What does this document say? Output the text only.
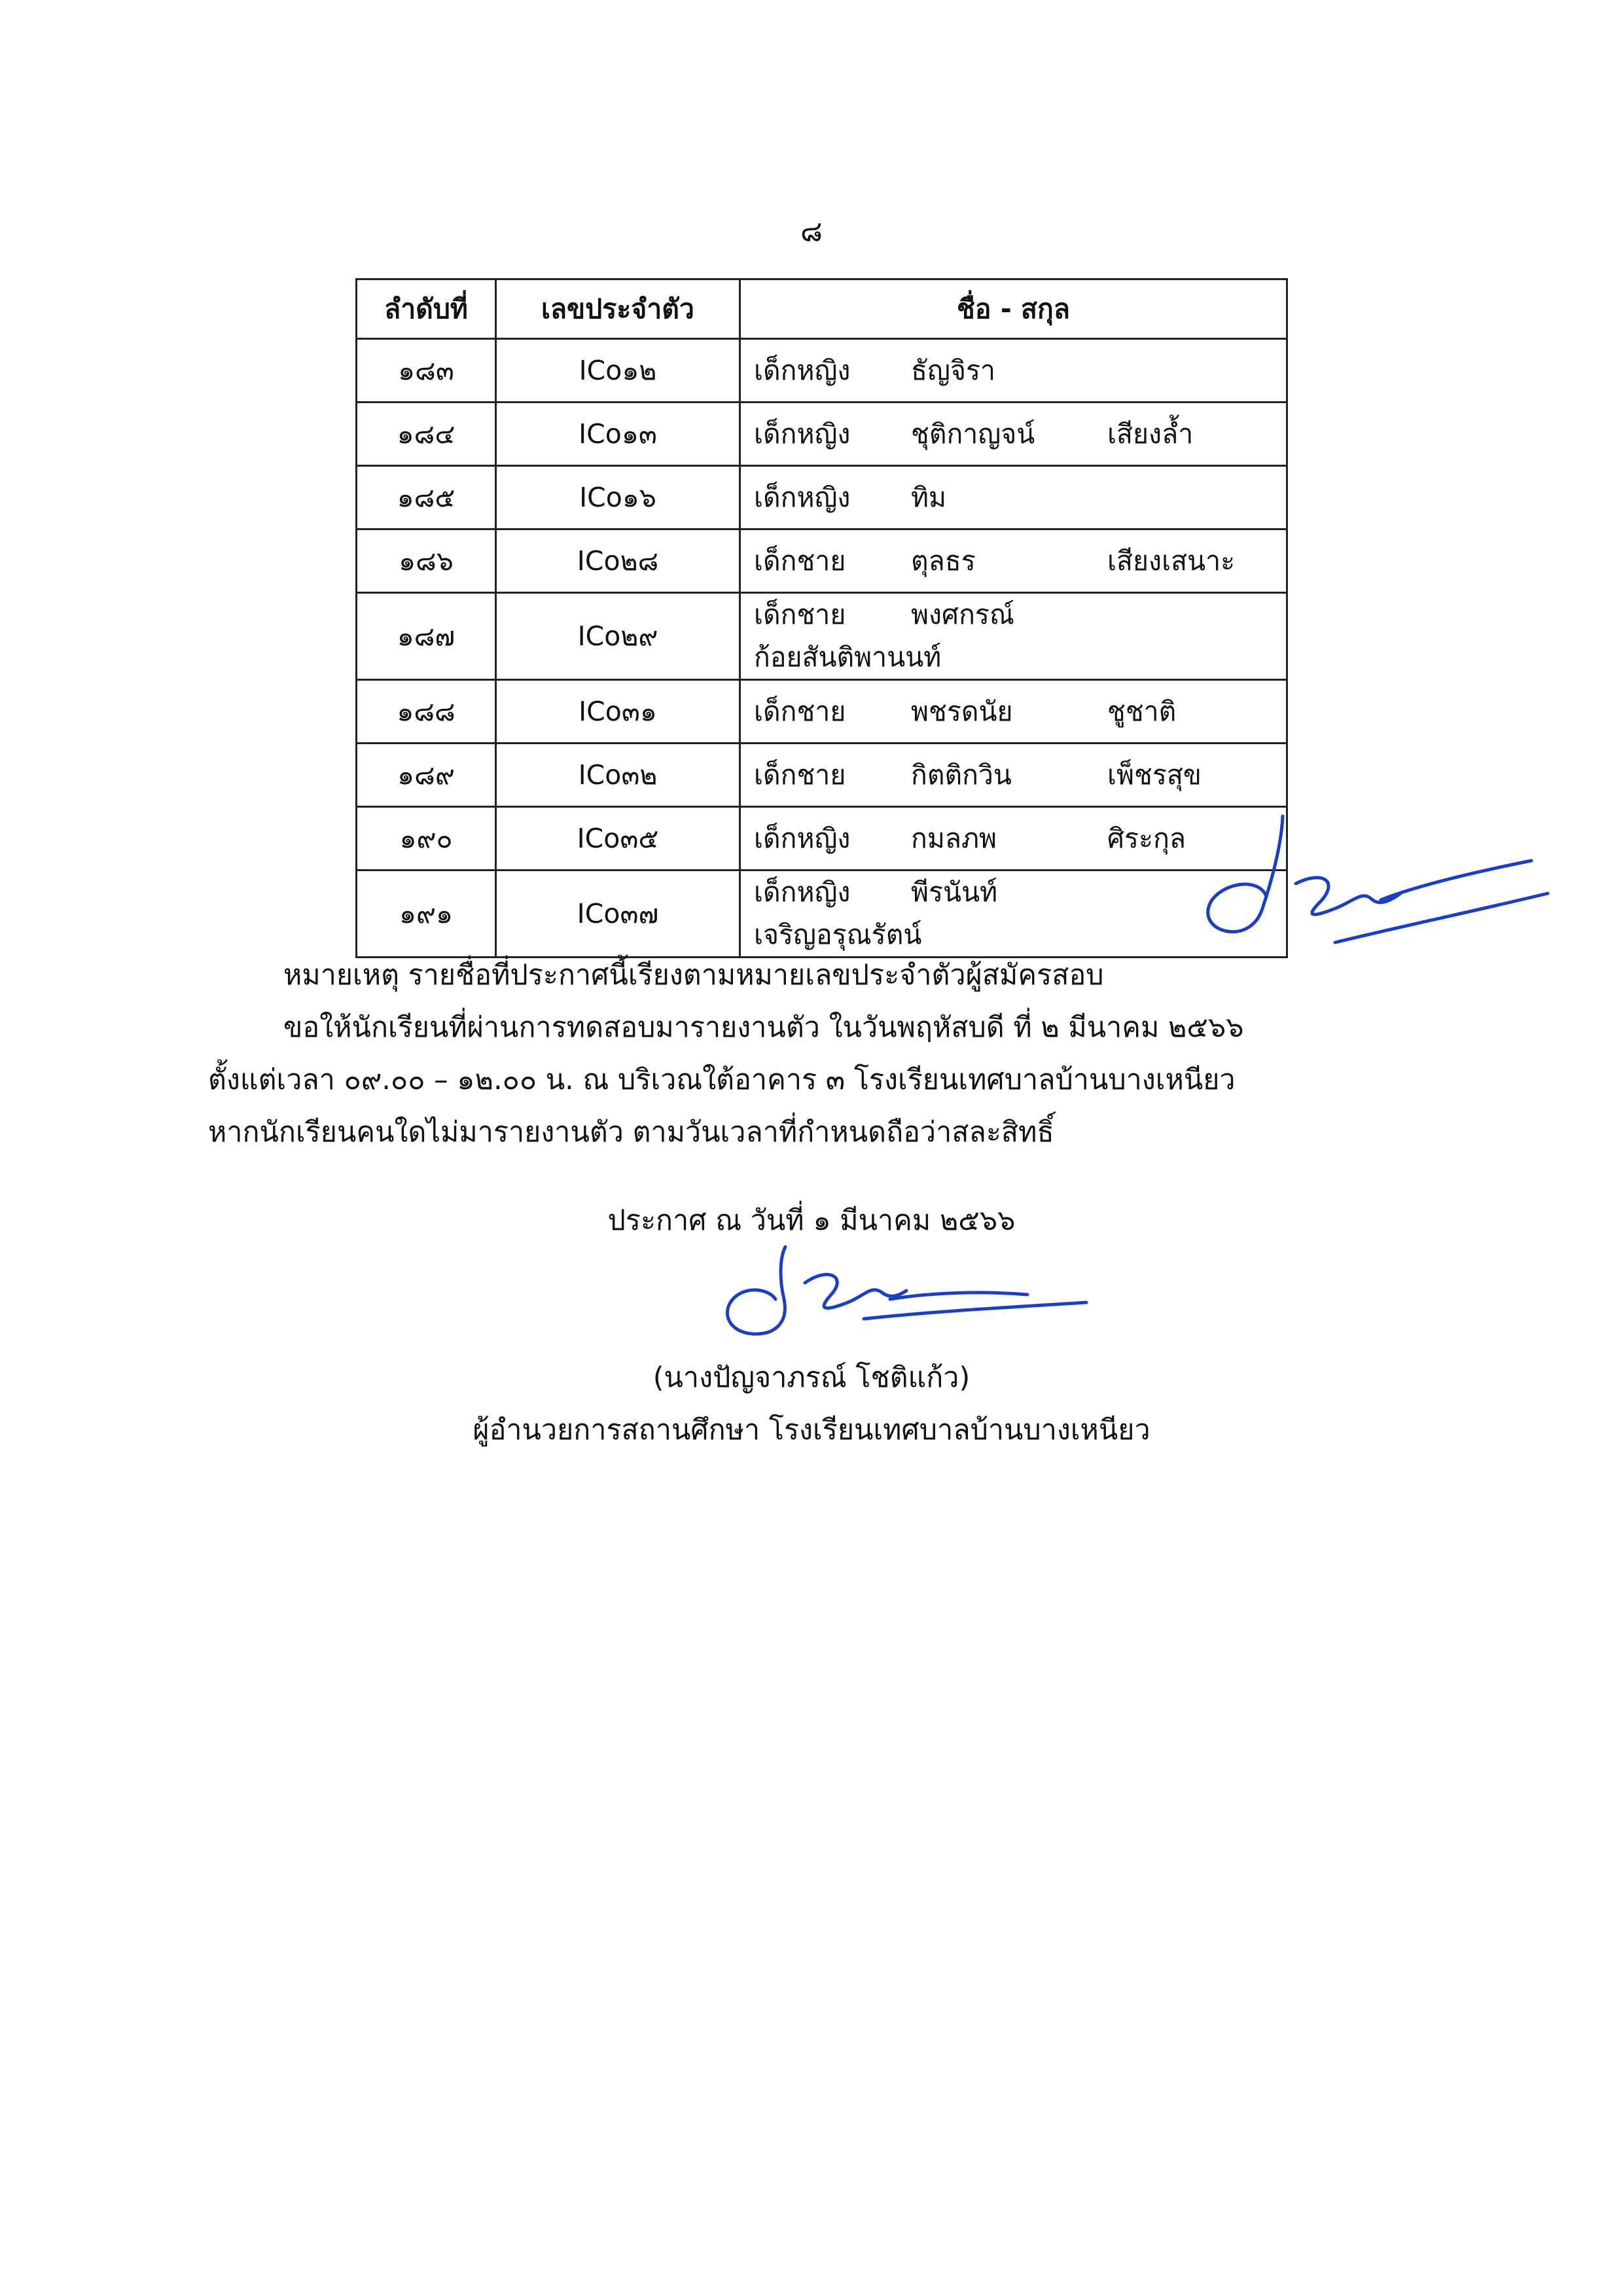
๘
ลำดับที่	เลขประจำตัว	ชื่อ - สกุล
๑๘๓	ICo๑๒	เด็กหญิง ธัญจิรา
๑๘๔	ICo๑๓	เด็กหญิง ชุติกาญจน์ เสียงล้ำ
๑๘๕	ICo๑๖	เด็กหญิง ทิม
๑๘๖	ICo๒๘	เด็กชาย ตุลธร เสียงเสนาะ
๑๘๗	ICo๒๙	เด็กชาย พงศกรณ์ก้อยสันติพานนท์
๑๘๘	ICo๓๑	เด็กชาย พชรดนัย ชูชาติ
๑๘๙	ICo๓๒	เด็กชาย กิตติกวิน เพ็ชรสุข
๑๙๐	ICo๓๕	เด็กหญิง กมลภพ ศิระกุล
๑๙๑	ICo๓๗	เด็กหญิง พีรนันท์เจริญอรุณรัตน์
หมายเหตุ รายชื่อที่ประกาศนี้เรียงตามหมายเลขประจำตัวผู้สมัครสอบ
ขอให้นักเรียนที่ผ่านการทดสอบมารายงานตัว ในวันพฤหัสบดี ที่ ๒ มีนาคม ๒๕๖๖
ตั้งแต่เวลา ๐๙.๐๐ – ๑๒.๐๐ น. ณ บริเวณใต้อาคาร ๓ โรงเรียนเทศบาลบ้านบางเหนียว
หากนักเรียนคนใดไม่มารายงานตัว ตามวันเวลาที่กำหนดถือว่าสละสิทธิ์
ประกาศ ณ วันที่ ๑ มีนาคม ๒๕๖๖
(นางปัญจาภรณ์ โชติแก้ว)
ผู้อำนวยการสถานศึกษา โรงเรียนเทศบาลบ้านบางเหนียว
